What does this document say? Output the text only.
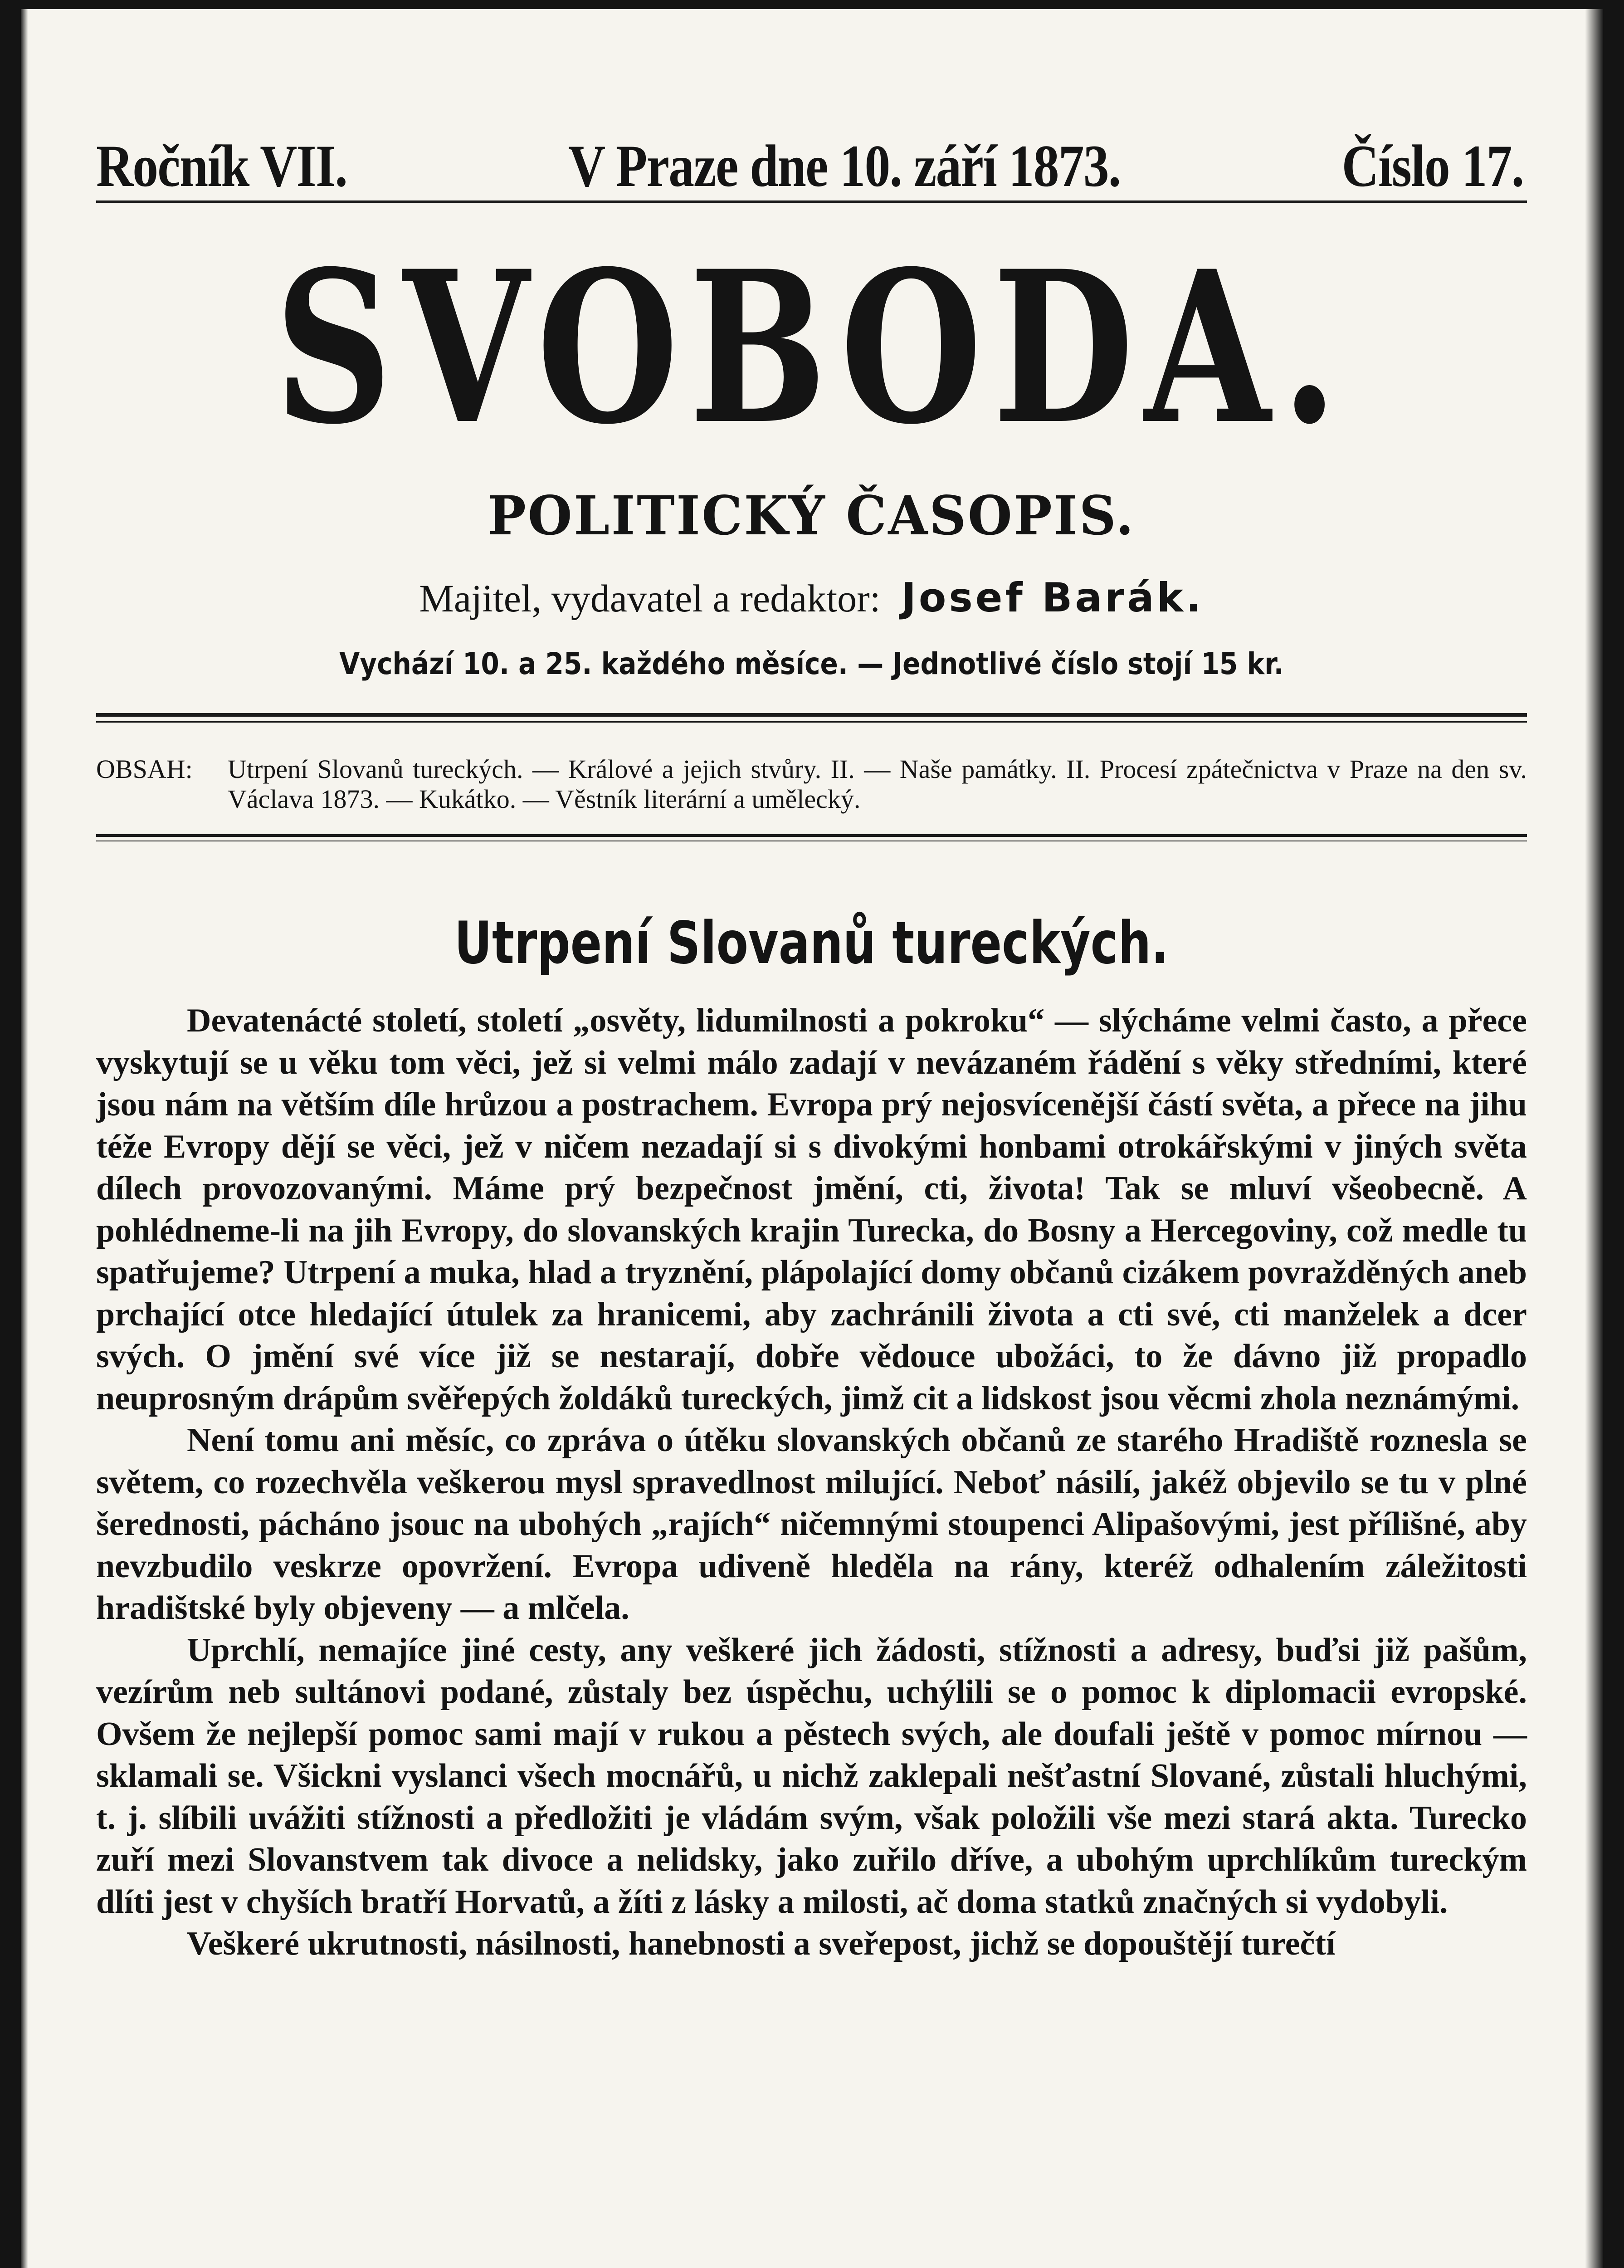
Ročník VII.	V Praze dne 10. září 1873.	Číslo 17.
SVOBODA.
POLITICKÝ ČASOPIS.
Majitel, vydavatel a redaktor: Josef Barák.
Vychází 10. a 25. každého měsíce. — Jednotlivé číslo stojí 15 kr.
OBSAH:	Utrpení Slovanů tureckých. — Králové a jejich stvůry. II. — Naše památky. II. Procesí zpátečnictva v Praze na den sv. Václava 1873. — Kukátko. — Věstník literární a umělecký.
Utrpení Slovanů tureckých.

Devatenácté století, století „osvěty, lidumilnosti a pokroku“ — slýcháme velmi často, a přece vyskytují se u věku tom věci, jež si velmi málo zadají v nevázaném řádění s věky středními, které jsou nám na větším díle hrůzou a postrachem. Evropa prý nejosvícenější částí světa, a přece na jihu téže Evropy dějí se věci, jež v ničem nezadají si s divokými honbami otrokářskými v jiných světa dílech provozovanými. Máme prý bezpečnost jmění, cti, života! Tak se mluví všeobecně. A pohlédneme-li na jih Evropy, do slovanských krajin Turecka, do Bosny a Hercegoviny, což medle tu spatřujeme? Utrpení a muka, hlad a tryznění, plápolající domy občanů cizákem povražděných aneb prchající otce hledající útulek za hranicemi, aby zachránili života a cti své, cti manželek a dcer svých. O jmění své více již se nestarají, dobře vědouce ubožáci, to že dávno již propadlo neuprosným drápům svěřepých žoldáků tureckých, jimž cit a lidskost jsou věcmi zhola neznámými.

Není tomu ani měsíc, co zpráva o útěku slovanských občanů ze starého Hradiště roznesla se světem, co rozechvěla veškerou mysl spravedlnost milující. Neboť násilí, jakéž objevilo se tu v plné šerednosti, pácháno jsouc na ubohých „rajích“ ničemnými stoupenci Alipašovými, jest přílišné, aby nevzbudilo veskrze opovržení. Evropa udiveně hleděla na rány, kteréž odhalením záležitosti hradištské byly objeveny — a mlčela.

Uprchlí, nemajíce jiné cesty, any veškeré jich žádosti, stížnosti a adresy, buďsi již pašům, vezírům neb sultánovi podané, zůstaly bez úspěchu, uchýlili se o pomoc k diplomacii evropské. Ovšem že nejlepší pomoc sami mají v rukou a pěstech svých, ale doufali ještě v pomoc mírnou — sklamali se. Všickni vyslanci všech mocnářů, u nichž zaklepali nešťastní Slované, zůstali hluchými, t. j. slíbili uvážiti stížnosti a předložiti je vládám svým, však položili vše mezi stará akta. Turecko zuří mezi Slovanstvem tak divoce a nelidsky, jako zuřilo dříve, a ubohým uprchlíkům tureckým dlíti jest v chyších bratří Horvatů, a žíti z lásky a milosti, ač doma statků značných si vydobyli.

Veškeré ukrutnosti, násilnosti, hanebnosti a sveřepost, jichž se dopouštějí turečtí
